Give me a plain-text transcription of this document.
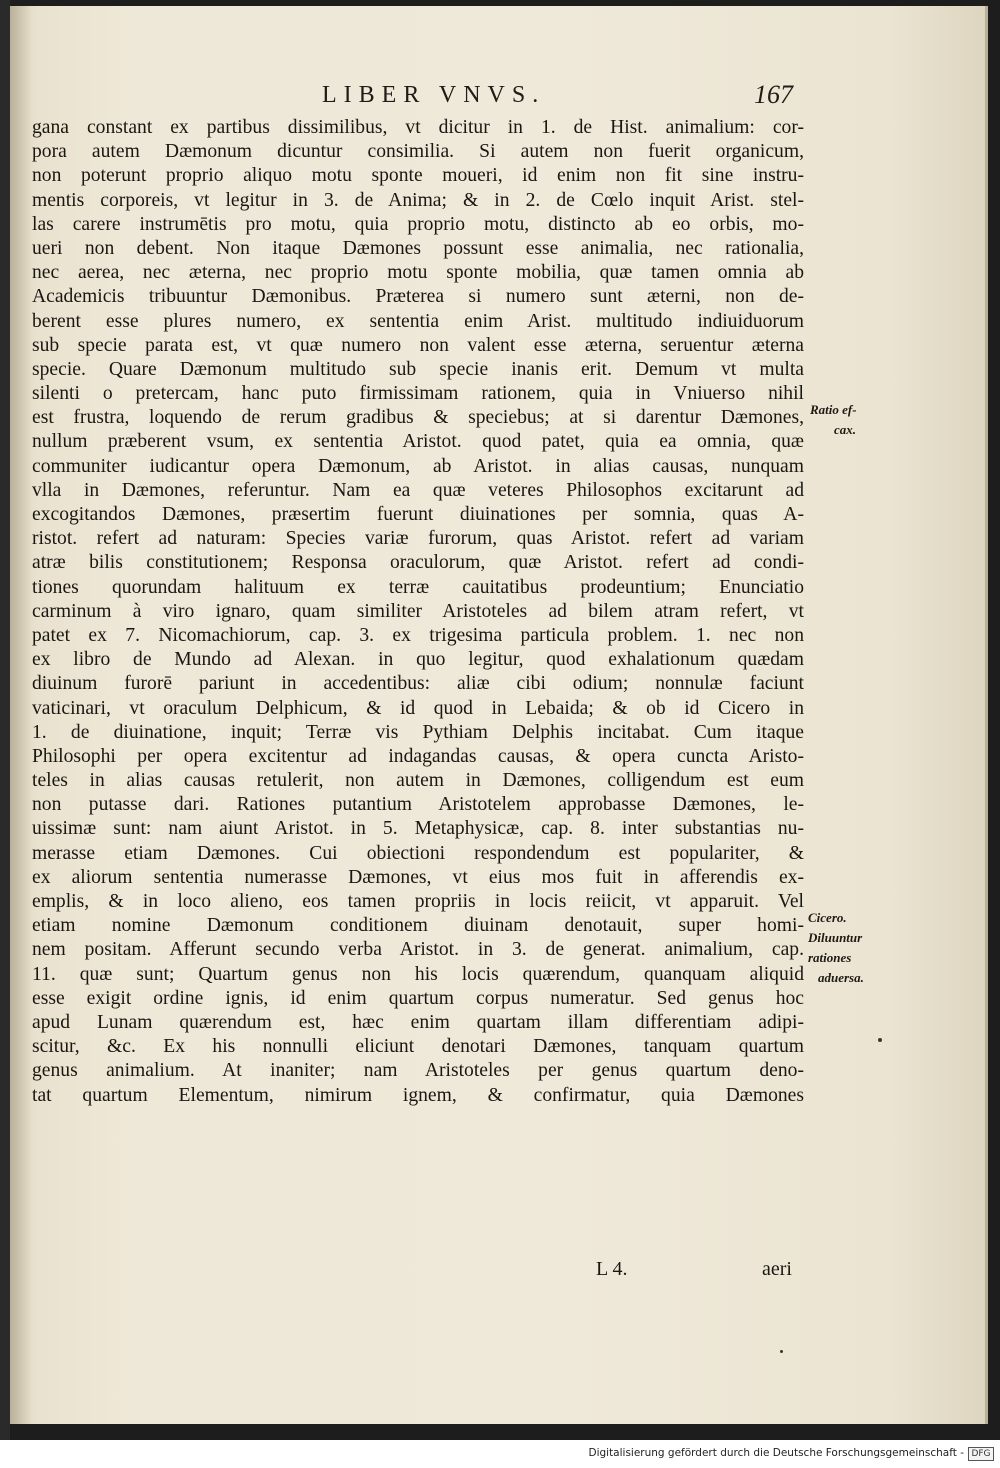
LIBER VNVS.	167
gana constant ex partibus dissimilibus, vt dicitur in 1. de Hist. animalium: cor-
pora autem Dæmonum dicuntur consimilia. Si autem non fuerit organicum,
non poterunt proprio aliquo motu sponte moueri, id enim non fit sine instru-
mentis corporeis, vt legitur in 3. de Anima; & in 2. de Cœlo inquit Arist. stel-
las carere instrumētis pro motu, quia proprio motu, distincto ab eo orbis, mo-
ueri non debent. Non itaque Dæmones possunt esse animalia, nec rationalia,
nec aerea, nec æterna, nec proprio motu sponte mobilia, quæ tamen omnia ab
Academicis tribuuntur Dæmonibus. Præterea si numero sunt æterni, non de-
berent esse plures numero, ex sententia enim Arist. multitudo indiuiduorum
sub specie parata est, vt quæ numero non valent esse æterna, seruentur æterna
specie. Quare Dæmonum multitudo sub specie inanis erit. Demum vt multa
silenti o pretercam, hanc puto firmissimam rationem, quia in Vniuerso nihil
est frustra, loquendo de rerum gradibus & speciebus; at si darentur Dæmones,
nullum præberent vsum, ex sententia Aristot. quod patet, quia ea omnia, quæ
communiter iudicantur opera Dæmonum, ab Aristot. in alias causas, nunquam
vlla in Dæmones, referuntur. Nam ea quæ veteres Philosophos excitarunt ad
excogitandos Dæmones, præsertim fuerunt diuinationes per somnia, quas A-
ristot. refert ad naturam: Species variæ furorum, quas Aristot. refert ad variam
atræ bilis constitutionem; Responsa oraculorum, quæ Aristot. refert ad condi-
tiones quorundam halituum ex terræ cauitatibus prodeuntium; Enunciatio
carminum à viro ignaro, quam similiter Aristoteles ad bilem atram refert, vt
patet ex 7. Nicomachiorum, cap. 3. ex trigesima particula problem. 1. nec non
ex libro de Mundo ad Alexan. in quo legitur, quod exhalationum quædam
diuinum furorē pariunt in accedentibus: aliæ cibi odium; nonnulæ faciunt
vaticinari, vt oraculum Delphicum, & id quod in Lebaida; & ob id Cicero in
1. de diuinatione, inquit; Terræ vis Pythiam Delphis incitabat. Cum itaque
Philosophi per opera excitentur ad indagandas causas, & opera cuncta Aristo-
teles in alias causas retulerit, non autem in Dæmones, colligendum est eum
non putasse dari. Rationes putantium Aristotelem approbasse Dæmones, le-
uissimæ sunt: nam aiunt Aristot. in 5. Metaphysicæ, cap. 8. inter substantias nu-
merasse etiam Dæmones. Cui obiectioni respondendum est populariter, &
ex aliorum sententia numerasse Dæmones, vt eius mos fuit in afferendis ex-
emplis, & in loco alieno, eos tamen propriis in locis reiicit, vt apparuit. Vel
etiam nomine Dæmonum conditionem diuinam denotauit, super homi-
nem positam. Afferunt secundo verba Aristot. in 3. de generat. animalium, cap.
11. quæ sunt; Quartum genus non his locis quærendum, quanquam aliquid
esse exigit ordine ignis, id enim quartum corpus numeratur. Sed genus hoc
apud Lunam quærendum est, hæc enim quartam illam differentiam adipi-
scitur, &c. Ex his nonnulli eliciunt denotari Dæmones, tanquam quartum
genus animalium. At inaniter; nam Aristoteles per genus quartum deno-
tat quartum Elementum, nimirum ignem, & confirmatur, quia Dæmones
Ratio ef-
cax.
Cicero.
Diluuntur
rationes
aduersa.
L 4.	aeri
Digitalisierung gefördert durch die Deutsche Forschungsgemeinschaft - DFG
